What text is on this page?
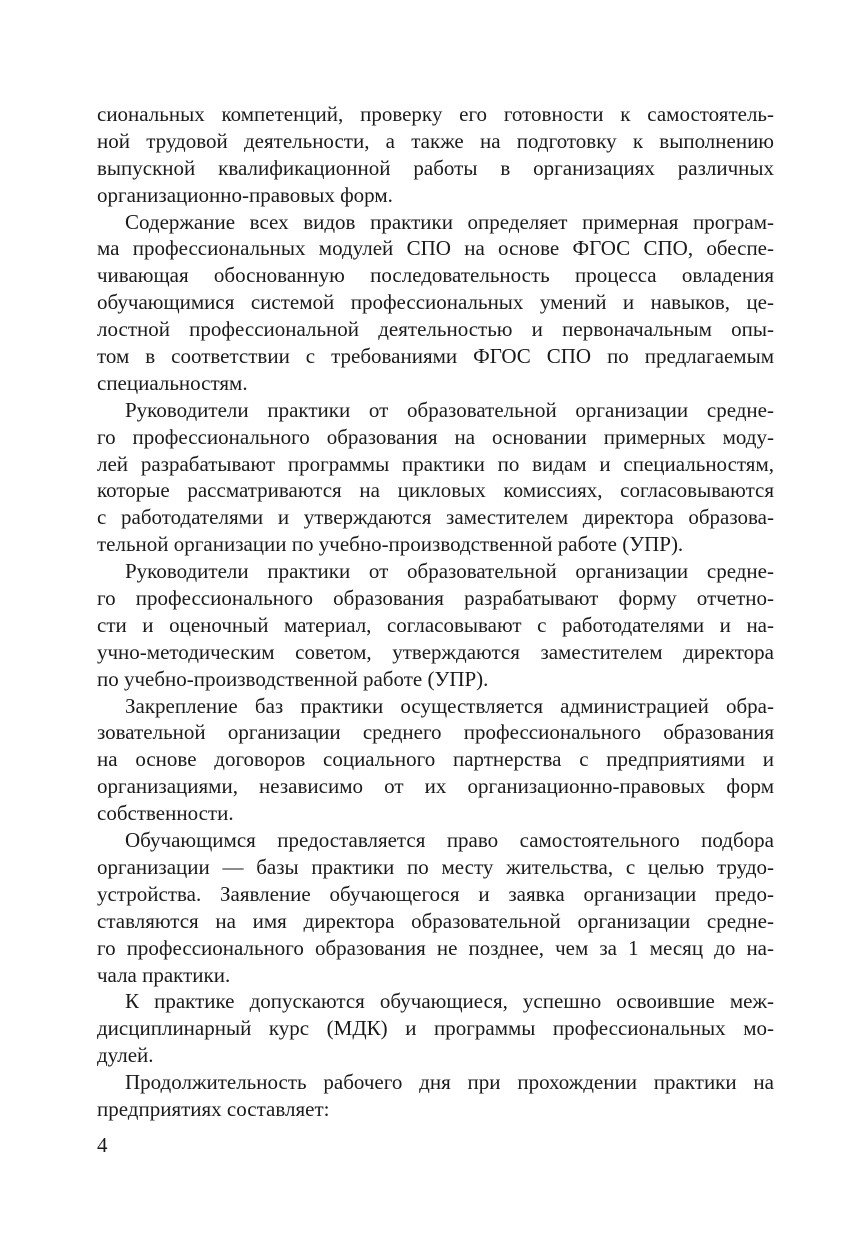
сиональных компетенций, проверку его готовности к самостоятель-
ной трудовой деятельности, а также на подготовку к выполнению
выпускной квалификационной работы в организациях различных
организационно-правовых форм.
Содержание всех видов практики определяет примерная програм-
ма профессиональных модулей СПО на основе ФГОС СПО, обеспе-
чивающая обоснованную последовательность процесса овладения
обучающимися системой профессиональных умений и навыков, це-
лостной профессиональной деятельностью и первоначальным опы-
том в соответствии с требованиями ФГОС СПО по предлагаемым
специальностям.
Руководители практики от образовательной организации средне-
го профессионального образования на основании примерных моду-
лей разрабатывают программы практики по видам и специальностям,
которые рассматриваются на цикловых комиссиях, согласовываются
с работодателями и утверждаются заместителем директора образова-
тельной организации по учебно-производственной работе (УПР).
Руководители практики от образовательной организации средне-
го профессионального образования разрабатывают форму отчетно-
сти и оценочный материал, согласовывают с работодателями и на-
учно-методическим советом, утверждаются заместителем директора
по учебно-производственной работе (УПР).
Закрепление баз практики осуществляется администрацией обра-
зовательной организации среднего профессионального образования
на основе договоров социального партнерства с предприятиями и
организациями, независимо от их организационно-правовых форм
собственности.
Обучающимся предоставляется право самостоятельного подбора
организации — базы практики по месту жительства, с целью трудо-
устройства. Заявление обучающегося и заявка организации предо-
ставляются на имя директора образовательной организации средне-
го профессионального образования не позднее, чем за 1 месяц до на-
чала практики.
К практике допускаются обучающиеся, успешно освоившие меж-
дисциплинарный курс (МДК) и программы профессиональных мо-
дулей.
Продолжительность рабочего дня при прохождении практики на
предприятиях составляет:
4
